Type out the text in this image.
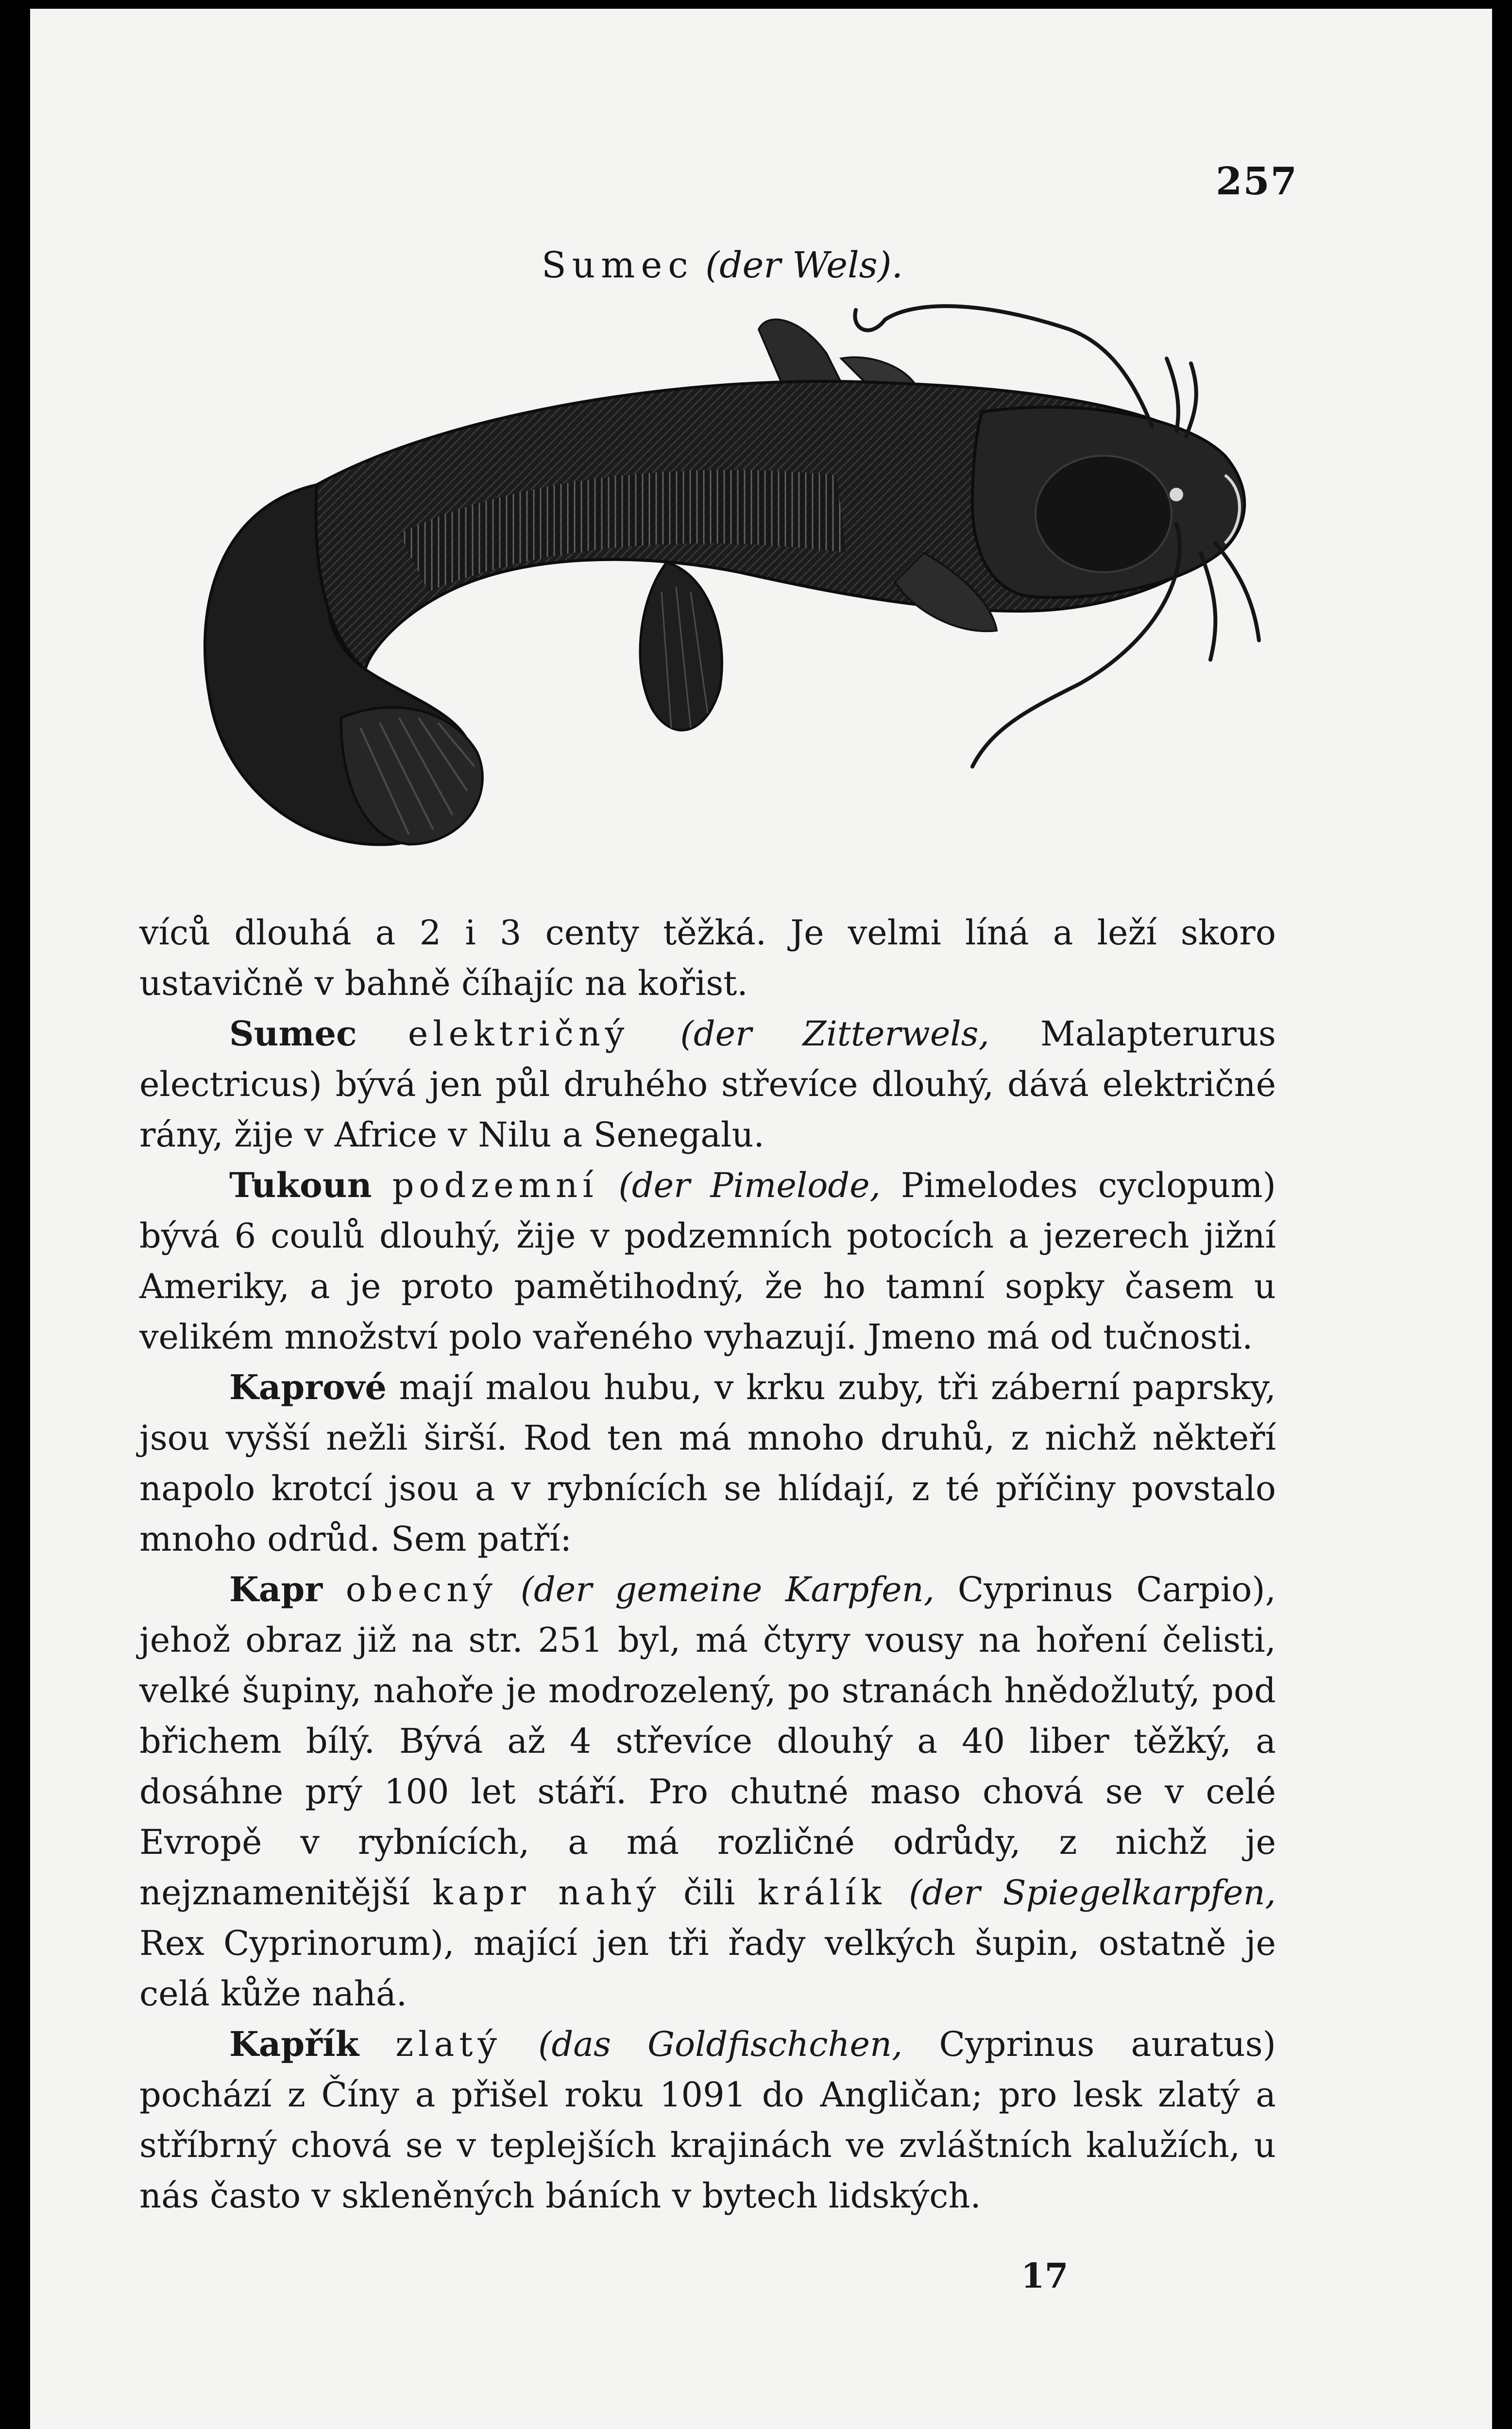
257
Sumec (der Wels).

víců dlouhá a 2 i 3 centy těžká. Je velmi líná a leží skoro ustavičně v bahně číhajíc na kořist.

Sumec električný (der Zitterwels, Malapterurus electricus) bývá jen půl druhého střevíce dlouhý, dává električné rány, žije v Africe v Nilu a Senegalu.

Tukoun podzemní (der Pimelode, Pimelodes cyclopum) bývá 6 coulů dlouhý, žije v podzemních potocích a jezerech jižní Ameriky, a je proto pamětihodný, že ho tamní sopky časem u velikém množství polo vařeného vyhazují. Jmeno má od tučnosti.

Kaprové mají malou hubu, v krku zuby, tři záberní paprsky, jsou vyšší nežli širší. Rod ten má mnoho druhů, z nichž někteří napolo krotcí jsou a v rybnících se hlídají, z té příčiny povstalo mnoho odrůd. Sem patří:

Kapr obecný (der gemeine Karpfen, Cyprinus Carpio), jehož obraz již na str. 251 byl, má čtyry vousy na hoření čelisti, velké šupiny, nahoře je modrozelený, po stranách hnědožlutý, pod břichem bílý. Bývá až 4 střevíce dlouhý a 40 liber těžký, a dosáhne prý 100 let stáří. Pro chutné maso chová se v celé Evropě v rybnících, a má rozličné odrůdy, z nichž je nejznamenitější kapr nahý čili králík (der Spiegelkarpfen, Rex Cyprinorum), mající jen tři řady velkých šupin, ostatně je celá kůže nahá.

Kapřík zlatý (das Goldfischchen, Cyprinus auratus) pochází z Číny a přišel roku 1091 do Angličan; pro lesk zlatý a stříbrný chová se v teplejších krajinách ve zvláštních kalužích, u nás často v skleněných báních v bytech lidských.

17
